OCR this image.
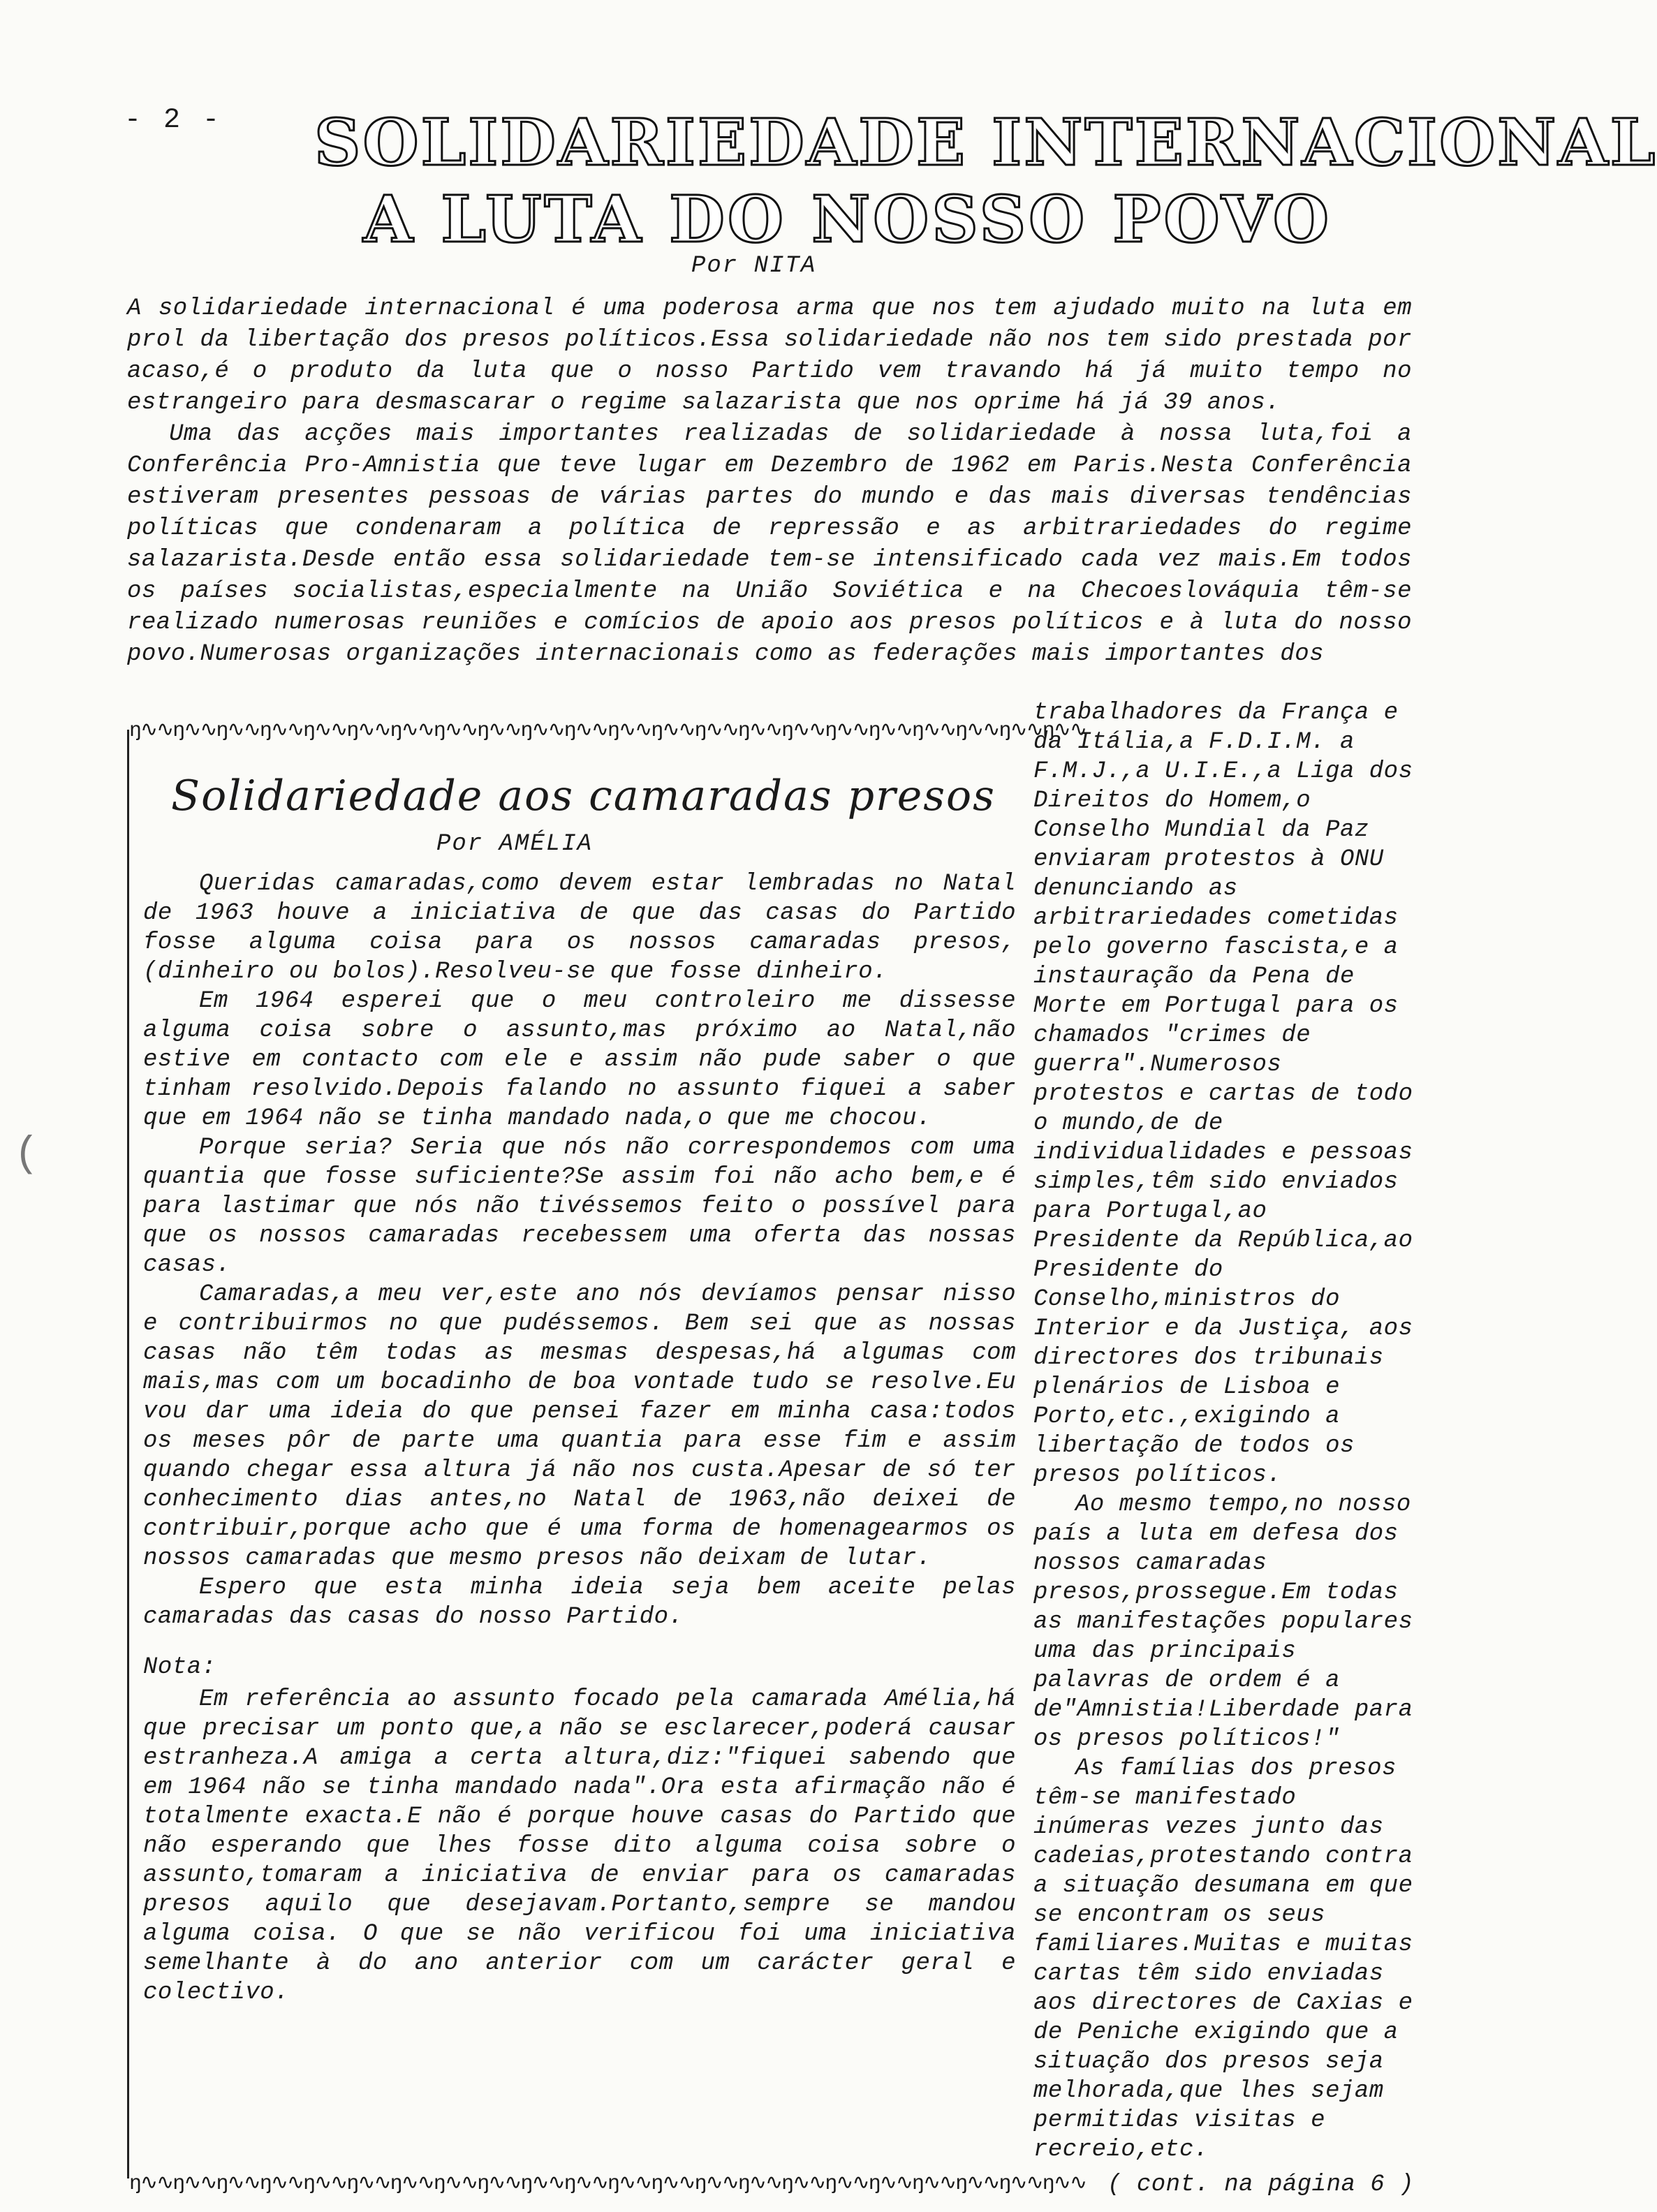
- 2 - SOLIDARIEDADE INTERNACIONAL
A LUTA DO NOSSO POVO
Por NITA

A solidariedade internacional é uma poderosa arma que nos tem ajudado muito na luta em prol da libertação dos presos políticos.Essa solidariedade não nos tem sido prestada por acaso,é o produto da luta que o nosso Partido vem travando há já muito tempo no estrangeiro para desmascarar o regime salazarista que nos oprime há já 39 anos.

Uma das acções mais importantes realizadas de solidariedade à nossa luta,foi a Conferência Pro-Amnistia que teve lugar em Dezembro de 1962 em Paris.Nesta Conferência estiveram presentes pessoas de várias partes do mundo e das mais diversas tendências políticas que condenaram a política de repressão e as arbitrariedades do regime salazarista.Desde então essa solidariedade tem-se intensificado cada vez mais.Em todos os países socialistas,especialmente na União Soviética e na Checoeslováquia têm-se realizado numerosas reuniões e comícios de apoio aos presos políticos e à luta do nosso povo.Numerosas organizações internacionais como as federações mais importantes dos

ŋ∿∿ŋ∿∿ŋ∿∿ŋ∿∿ŋ∿∿ŋ∿∿ŋ∿∿ŋ∿∿ŋ∿∿ŋ∿∿ŋ∿∿ŋ∿∿ŋ∿∿ŋ∿∿ŋ∿∿ŋ∿∿ŋ∿∿ŋ∿∿ŋ∿∿ŋ∿∿ŋ∿∿ŋ∿∿
Solidariedade aos camaradas presos
Por AMÉLIA

Queridas camaradas,como devem estar lembradas no Natal de 1963 houve a iniciativa de que das casas do Partido fosse alguma coisa para os nossos camaradas presos,(dinheiro ou bolos).Resolveu-se que fosse dinheiro.

Em 1964 esperei que o meu controleiro me dissesse alguma coisa sobre o assunto,mas próximo ao Natal,não estive em contacto com ele e assim não pude saber o que tinham resolvido.Depois falando no assunto fiquei a saber que em 1964 não se tinha mandado nada,o que me chocou.

Porque seria? Seria que nós não correspondemos com uma quantia que fosse suficiente?Se assim foi não acho bem,e é para lastimar que nós não tivéssemos feito o possível para que os nossos camaradas recebessem uma oferta das nossas casas.

Camaradas,a meu ver,este ano nós devíamos pensar nisso e contribuirmos no que pudéssemos. Bem sei que as nossas casas não têm todas as mesmas despesas,há algumas com mais,mas com um bocadinho de boa vontade tudo se resolve.Eu vou dar uma ideia do que pensei fazer em minha casa:todos os meses pôr de parte uma quantia para esse fim e assim quando chegar essa altura já não nos custa.Apesar de só ter conhecimento dias antes,no Natal de 1963,não deixei de contribuir,porque acho que é uma forma de homenagearmos os nossos camaradas que mesmo presos não deixam de lutar.

Espero que esta minha ideia seja bem aceite pelas camaradas das casas do nosso Partido.

Nota:

Em referência ao assunto focado pela camarada Amélia,há que precisar um ponto que,a não se esclarecer,poderá causar estranheza.A amiga a certa altura,diz:"fiquei sabendo que em 1964 não se tinha mandado nada".Ora esta afirmação não é totalmente exacta.E não é porque houve casas do Partido que não esperando que lhes fosse dito alguma coisa sobre o assunto,tomaram a iniciativa de enviar para os camaradas presos aquilo que desejavam.Portanto,sempre se mandou alguma coisa. O que se não verificou foi uma iniciativa semelhante à do ano anterior com um carácter geral e colectivo.

ŋ∿∿ŋ∿∿ŋ∿∿ŋ∿∿ŋ∿∿ŋ∿∿ŋ∿∿ŋ∿∿ŋ∿∿ŋ∿∿ŋ∿∿ŋ∿∿ŋ∿∿ŋ∿∿ŋ∿∿ŋ∿∿ŋ∿∿ŋ∿∿ŋ∿∿ŋ∿∿ŋ∿∿ŋ∿∿

trabalhadores da França e da Itália,a F.D.I.M. a F.M.J.,a U.I.E.,a Liga dos Direitos do Homem,o Conselho Mundial da Paz enviaram protestos à ONU denunciando as arbitrariedades cometidas pelo governo fascista,e a instauração da Pena de Morte em Portugal para os chamados "crimes de guerra".Numerosos protestos e cartas de todo o mundo,de de individualidades e pessoas simples,têm sido enviados para Portugal,ao Presidente da República,ao Presidente do Conselho,ministros do Interior e da Justiça, aos directores dos tribunais plenários de Lisboa e Porto,etc.,exigindo a libertação de todos os presos políticos.

Ao mesmo tempo,no nosso país a luta em defesa dos nossos camaradas presos,prossegue.Em todas as manifestações populares uma das principais palavras de ordem é a de"Amnistia!Liberdade para os presos políticos!"

As famílias dos presos têm-se manifestado inúmeras vezes junto das cadeias,protestando contra a situação desumana em que se encontram os seus familiares.Muitas e muitas cartas têm sido enviadas aos directores de Caxias e de Peniche exigindo que a situação dos presos seja melhorada,que lhes sejam permitidas visitas e recreio,etc.

( cont. na página 6 )

(
